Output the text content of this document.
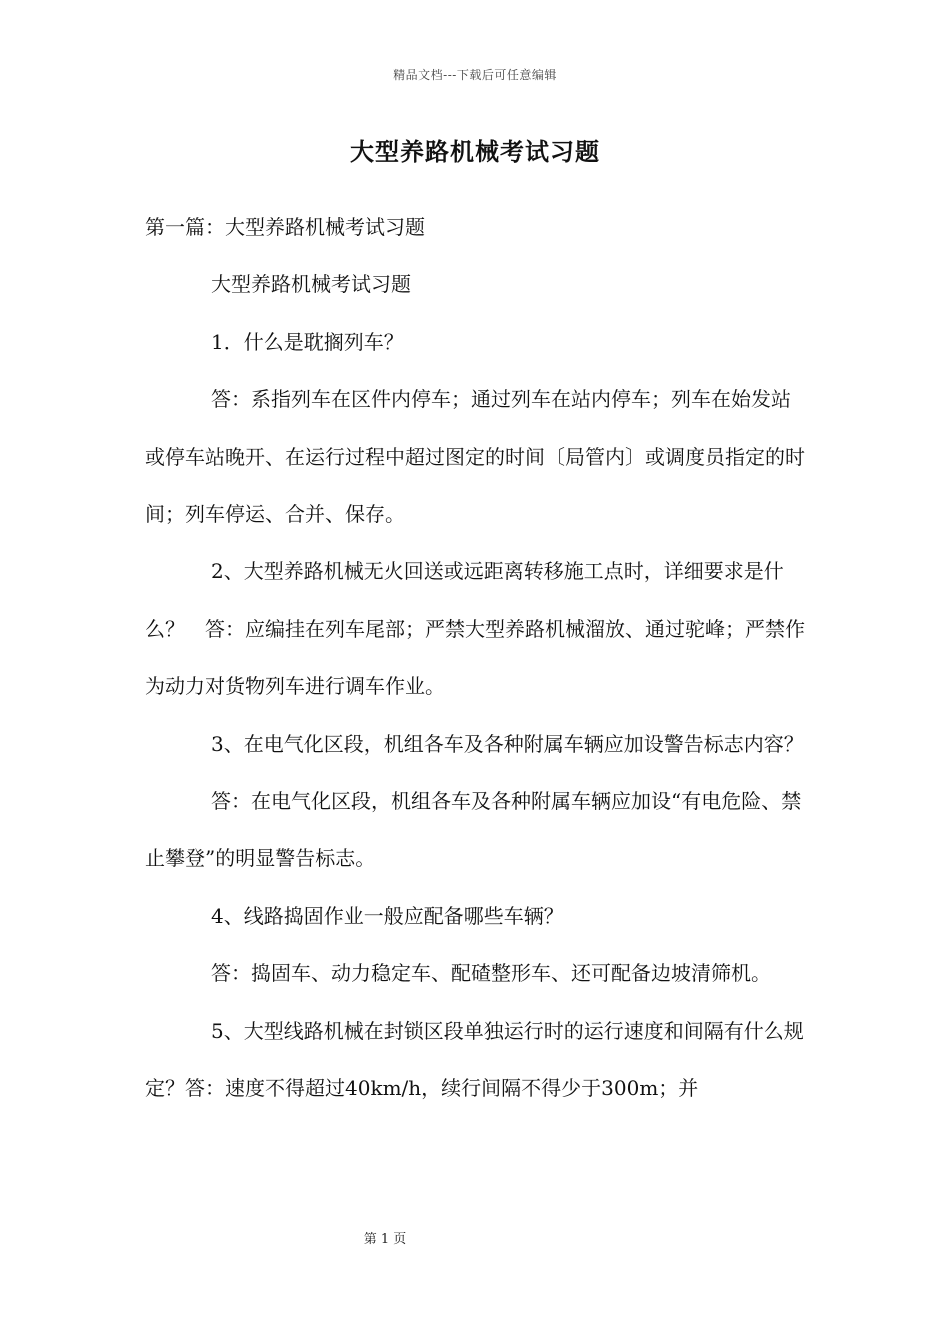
精品文档---下载后可任意编辑
大型养路机械考试习题

第一篇：大型养路机械考试习题

大型养路机械考试习题

1．什么是耽搁列车？

答：系指列车在区件内停车；通过列车在站内停车；列车在始发站或停车站晚开、在运行过程中超过图定的时间〔局管内〕或调度员指定的时间；列车停运、合并、保存。

2、大型养路机械无火回送或远距离转移施工点时，详细要求是什么？　答：应编挂在列车尾部；严禁大型养路机械溜放、通过驼峰；严禁作为动力对货物列车进行调车作业。

3、在电气化区段，机组各车及各种附属车辆应加设警告标志内容？

答：在电气化区段，机组各车及各种附属车辆应加设“有电危险、禁止攀登”的明显警告标志。

4、线路捣固作业一般应配备哪些车辆？

答：捣固车、动力稳定车、配碴整形车、还可配备边坡清筛机。

5、大型线路机械在封锁区段单独运行时的运行速度和间隔有什么规定？答：速度不得超过40km/h，续行间隔不得少于300m；并

第 1 页
